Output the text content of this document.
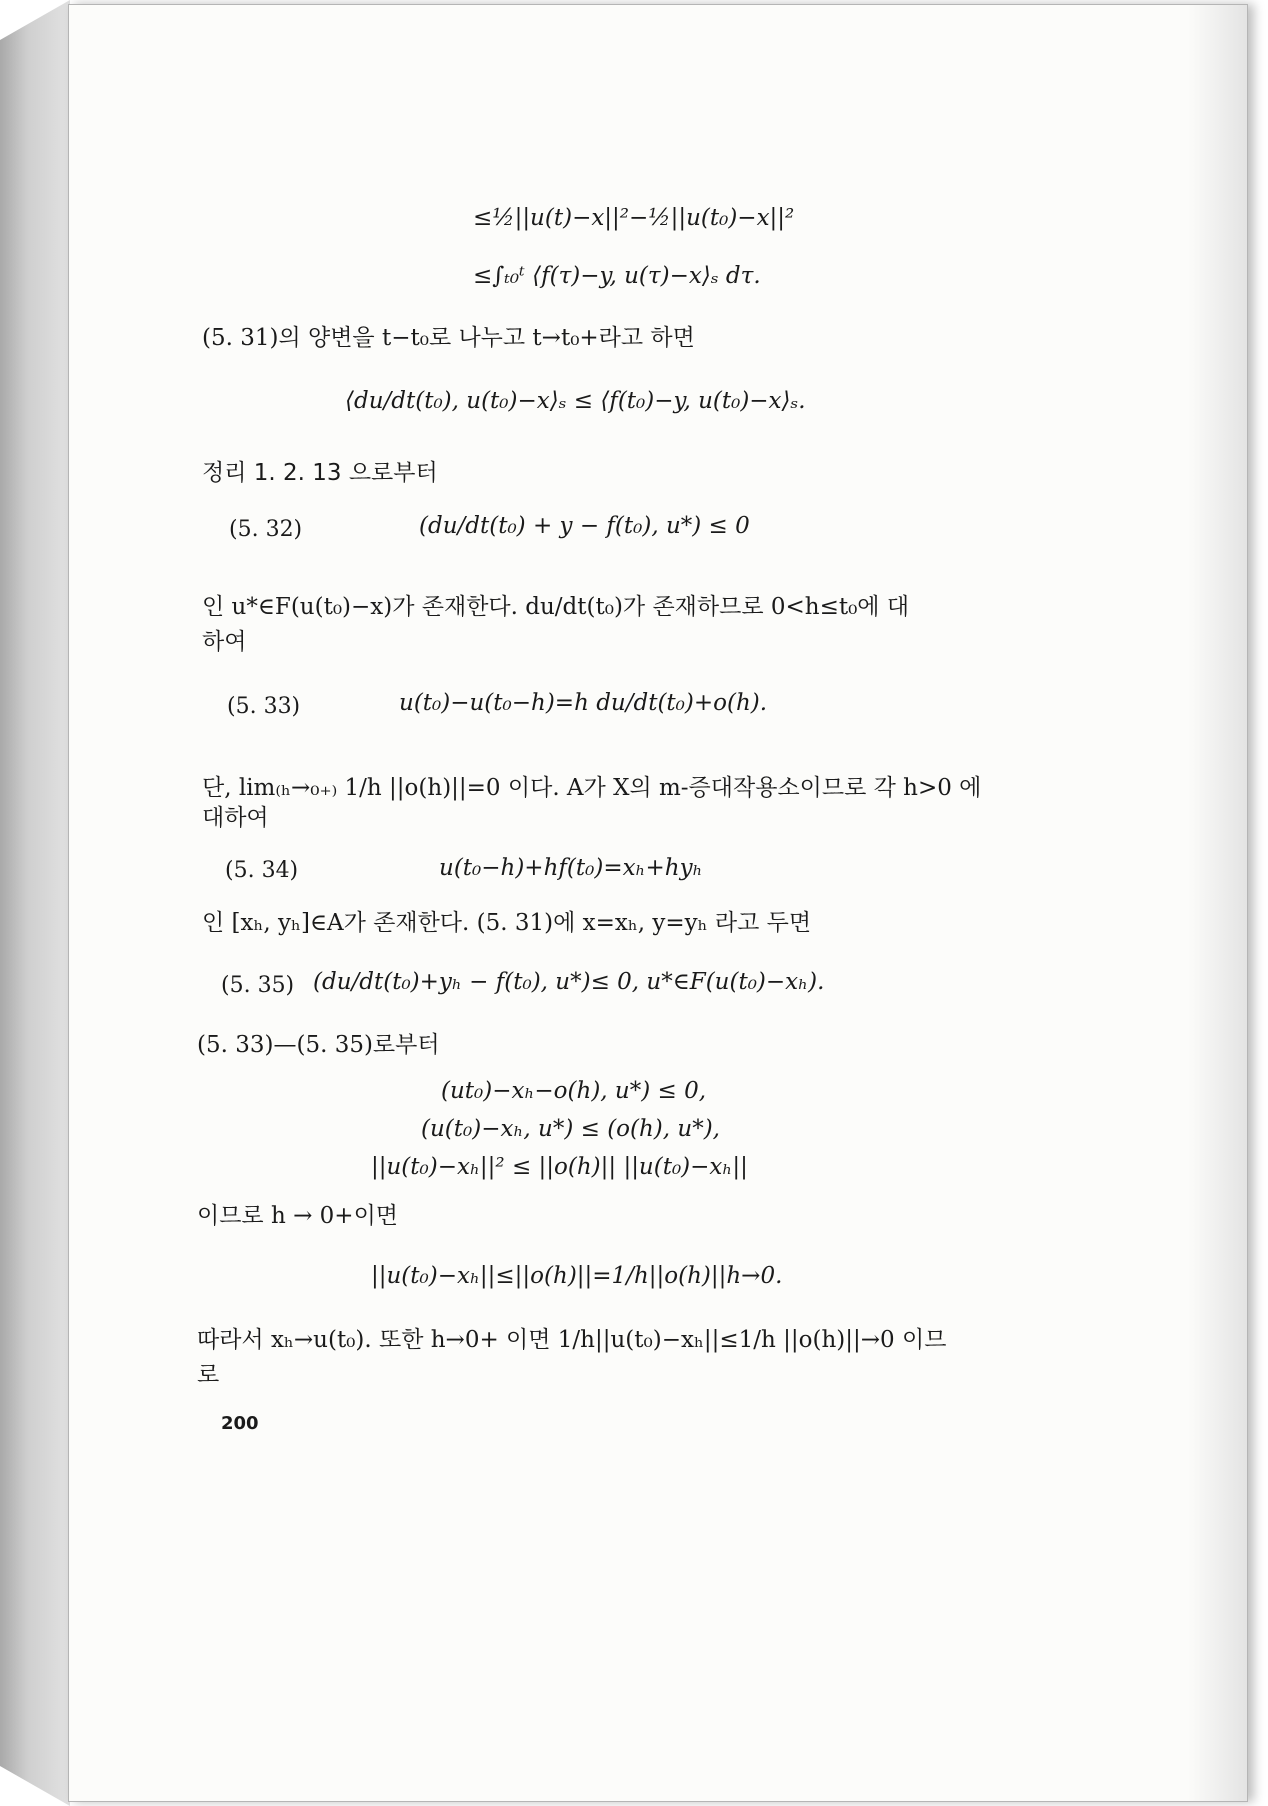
≤½||u(t)−x||²−½||u(t₀)−x||²
≤∫ₜ₀ᵗ ⟨f(τ)−y, u(τ)−x⟩ₛ dτ.
(5. 31)의 양변을 t−t₀로 나누고 t→t₀+라고 하면
⟨du/dt(t₀), u(t₀)−x⟩ₛ ≤ ⟨f(t₀)−y, u(t₀)−x⟩ₛ.
정리 1. 2. 13 으로부터
(5. 32)	(du/dt(t₀) + y − f(t₀), u*) ≤ 0
인 u*∈F(u(t₀)−x)가 존재한다. du/dt(t₀)가 존재하므로 0<h≤t₀에 대
하여
(5. 33)	u(t₀)−u(t₀−h)=h du/dt(t₀)+o(h).
단, lim₍ₕ→₀₊₎ 1/h ||o(h)||=0 이다. A가 X의 m-증대작용소이므로 각 h>0 에
대하여
(5. 34)	u(t₀−h)+hf(t₀)=xₕ+hyₕ
인 [xₕ, yₕ]∈A가 존재한다. (5. 31)에 x=xₕ, y=yₕ 라고 두면
(5. 35) (du/dt(t₀)+yₕ − f(t₀), u*)≤ 0, u*∈F(u(t₀)−xₕ).
(5. 33)—(5. 35)로부터
(ut₀)−xₕ−o(h), u*) ≤ 0,
(u(t₀)−xₕ, u*) ≤ (o(h), u*),
||u(t₀)−xₕ||² ≤ ||o(h)|| ||u(t₀)−xₕ||
이므로 h → 0+이면
||u(t₀)−xₕ||≤||o(h)||=1/h||o(h)||h→0.
따라서 xₕ→u(t₀). 또한 h→0+ 이면 1/h||u(t₀)−xₕ||≤1/h ||o(h)||→0 이므
로
200
